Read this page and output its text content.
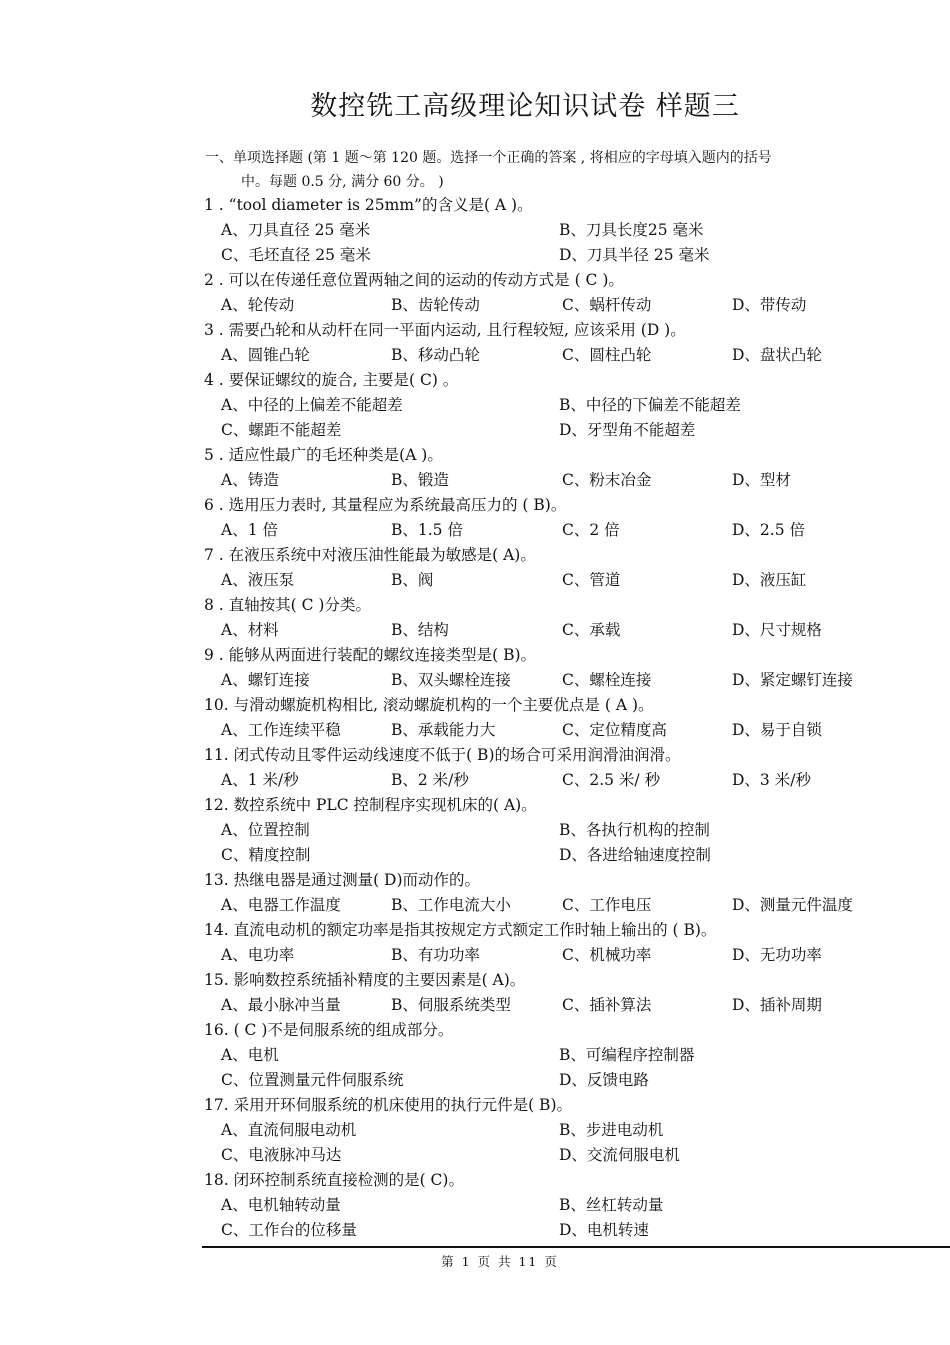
数控铣工高级理论知识试卷 样题三
一、单项选择题 (第 1 题～第 120 题。选择一个正确的答案 , 将相应的字母填入题内的括号
中。每题 0.5 分, 满分 60 分。 )
1 . “tool diameter is 25mm”的含义是( A )。
A、刀具直径 25 毫米	B、刀具长度25 毫米
C、毛坯直径 25 毫米	D、刀具半径 25 毫米
2 . 可以在传递任意位置两轴之间的运动的传动方式是 ( C )。
A、轮传动	B、齿轮传动	C、蜗杆传动	D、带传动
3 . 需要凸轮和从动杆在同一平面内运动, 且行程较短, 应该采用 (D )。
A、圆锥凸轮	B、移动凸轮	C、圆柱凸轮	D、盘状凸轮
4 . 要保证螺纹的旋合, 主要是( C) 。
A、中径的上偏差不能超差	B、中径的下偏差不能超差
C、螺距不能超差	D、牙型角不能超差
5 . 适应性最广的毛坯种类是(A )。
A、铸造	B、锻造	C、粉末冶金	D、型材
6 . 选用压力表时, 其量程应为系统最高压力的 ( B)。
A、1 倍	B、1.5 倍	C、2 倍	D、2.5 倍
7 . 在液压系统中对液压油性能最为敏感是( A)。
A、液压泵	B、阀	C、管道	D、液压缸
8 . 直轴按其( C )分类。
A、材料	B、结构	C、承载	D、尺寸规格
9 . 能够从两面进行装配的螺纹连接类型是( B)。
A、螺钉连接	B、双头螺栓连接	C、螺栓连接	D、紧定螺钉连接
10. 与滑动螺旋机构相比, 滚动螺旋机构的一个主要优点是 ( A )。
A、工作连续平稳	B、承载能力大	C、定位精度高	D、易于自锁
11. 闭式传动且零件运动线速度不低于( B)的场合可采用润滑油润滑。
A、1 米/秒	B、2 米/秒	C、2.5 米/ 秒	D、3 米/秒
12. 数控系统中 PLC 控制程序实现机床的( A)。
A、位置控制	B、各执行机构的控制
C、精度控制	D、各进给轴速度控制
13. 热继电器是通过测量( D)而动作的。
A、电器工作温度	B、工作电流大小	C、工作电压	D、测量元件温度
14. 直流电动机的额定功率是指其按规定方式额定工作时轴上输出的 ( B)。
A、电功率	B、有功功率	C、机械功率	D、无功功率
15. 影响数控系统插补精度的主要因素是( A)。
A、最小脉冲当量	B、伺服系统类型	C、插补算法	D、插补周期
16. ( C )不是伺服系统的组成部分。
A、电机	B、可编程序控制器
C、位置测量元件伺服系统	D、反馈电路
17. 采用开环伺服系统的机床使用的执行元件是( B)。
A、直流伺服电动机	B、步进电动机
C、电液脉冲马达	D、交流伺服电机
18. 闭环控制系统直接检测的是( C)。
A、电机轴转动量	B、丝杠转动量
C、工作台的位移量	D、电机转速
第 1 页 共 11 页
